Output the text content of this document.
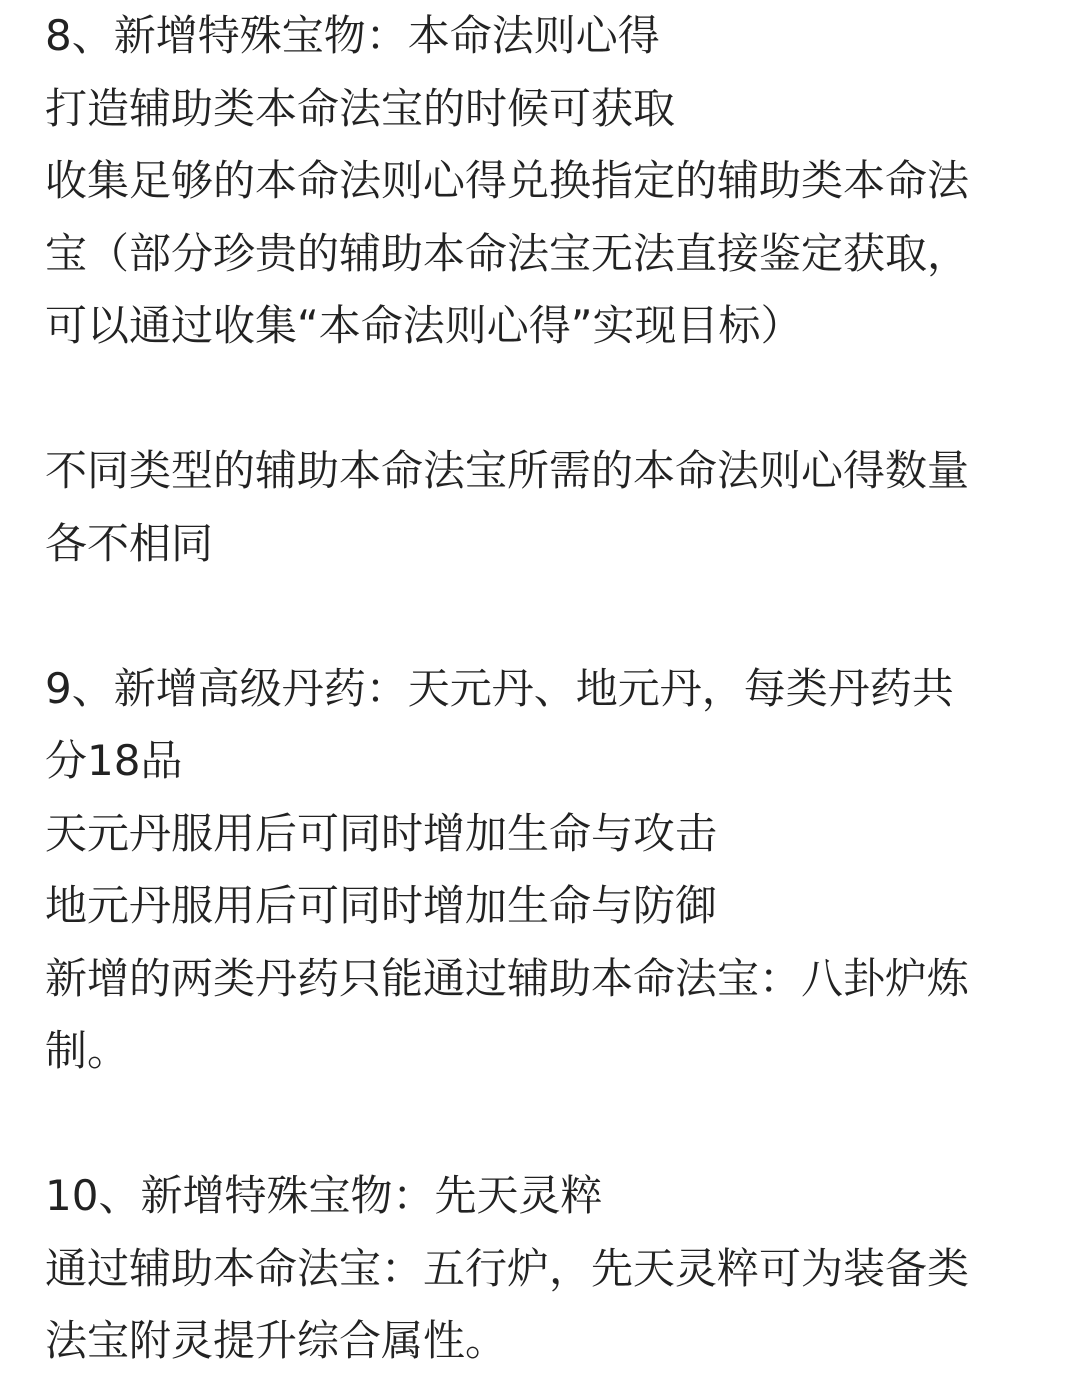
8、新增特殊宝物：本命法则心得
打造辅助类本命法宝的时候可获取
收集足够的本命法则心得兑换指定的辅助类本命法
宝（部分珍贵的辅助本命法宝无法直接鉴定获取，
可以通过收集“本命法则心得”实现目标）
不同类型的辅助本命法宝所需的本命法则心得数量
各不相同
9、新增高级丹药：天元丹、地元丹，每类丹药共
分18品
天元丹服用后可同时增加生命与攻击
地元丹服用后可同时增加生命与防御
新增的两类丹药只能通过辅助本命法宝：八卦炉炼
制。
10、新增特殊宝物：先天灵粹
通过辅助本命法宝：五行炉，先天灵粹可为装备类
法宝附灵提升综合属性。
